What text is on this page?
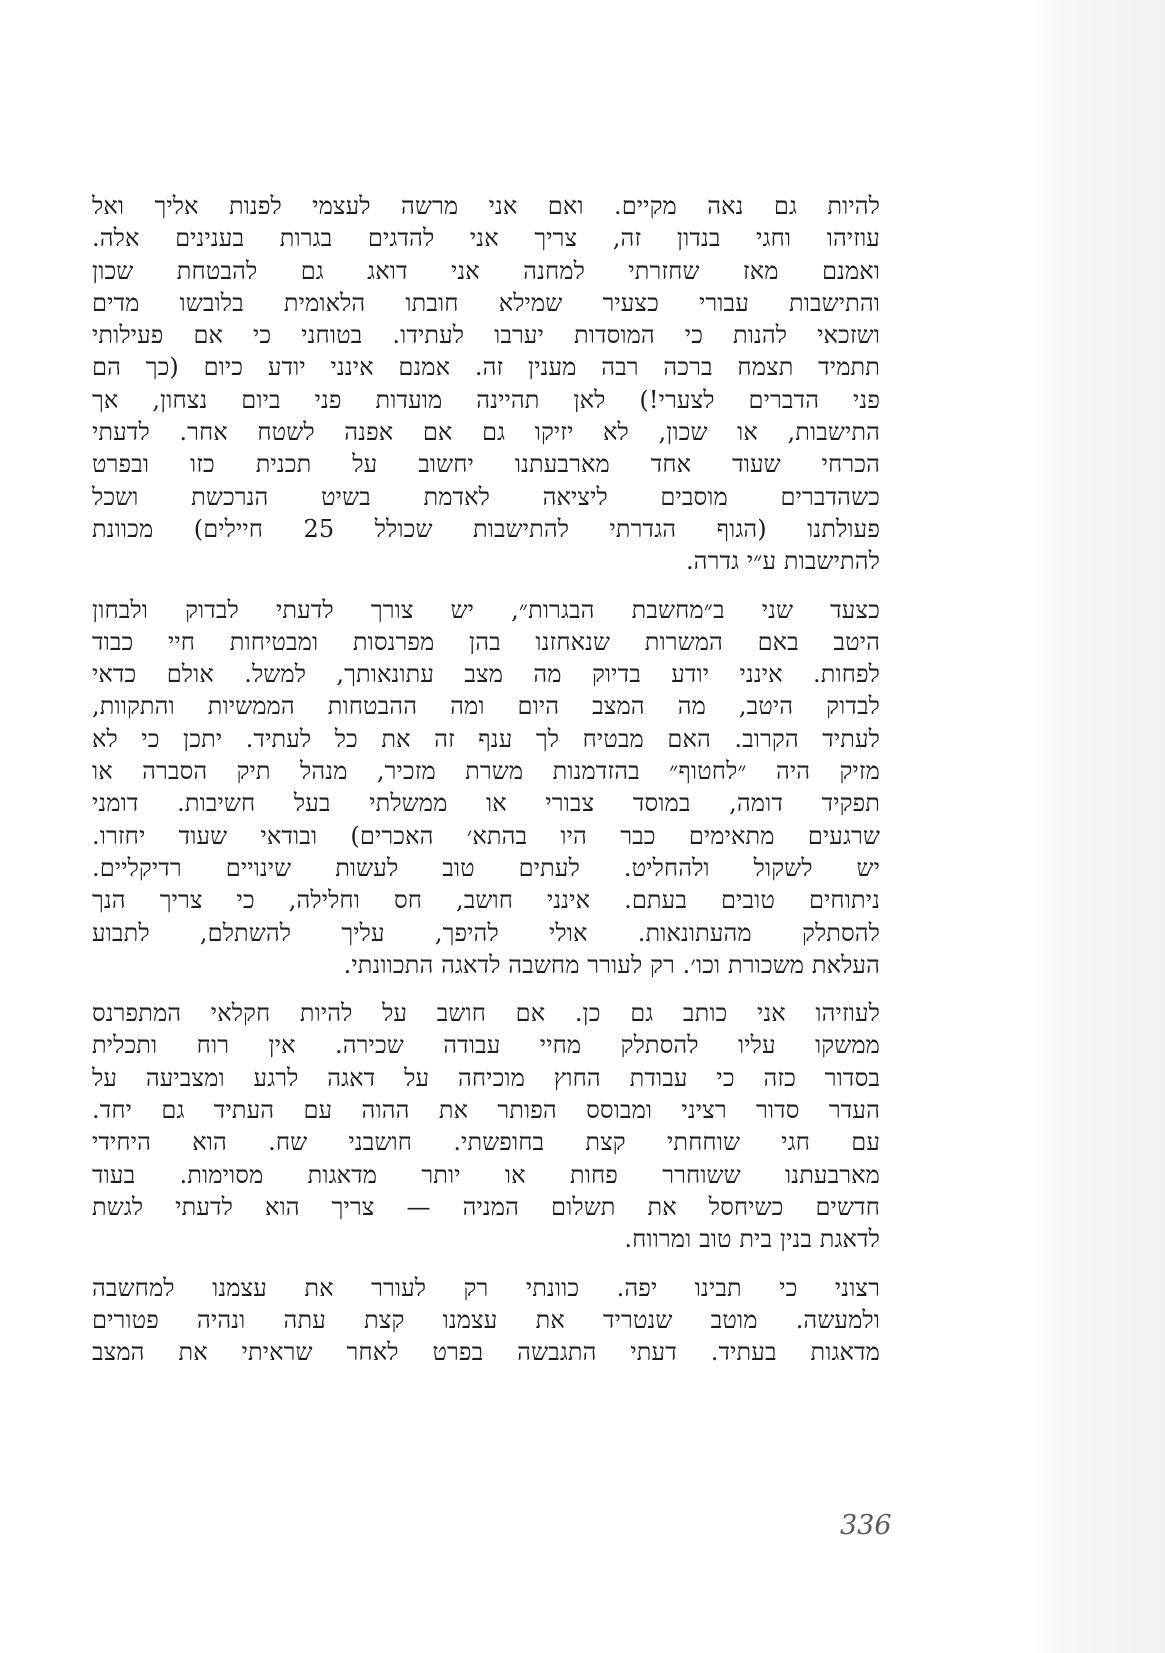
להיות גם נאה מקיים. ואם אני מרשה לעצמי לפנות אליך ואל
עוזיהו וחגי בנדון זה, צריך אני להדגים בגרות בענינים אלה.
ואמנם מאז שחזרתי למחנה אני דואג גם להבטחת שכון
והתישבות עבורי כצעיר שמילא חובתו הלאומית בלובשו מדים
ושזכאי להנות כי המוסדות יערבו לעתידו. בטוחני כי אם פעילותי
תתמיד תצמח ברכה רבה מענין זה. אמנם אינני יודע כיום (כך הם
פני הדברים לצערי!) לאן תהיינה מועדות פני ביום נצחון, אך
התישבות, או שכון, לא יזיקו גם אם אפנה לשטח אחר. לדעתי
הכרחי שעוד אחד מארבעתנו יחשוב על תכנית כזו ובפרט
כשהדברים מוסבים ליציאה לאדמת בשיט הנרכשת ושכל
פעולתנו (הגוף הגדרתי להתישבות שכולל 25 חיילים) מכוונת
להתישבות ע״י גדרה.
כצעד שני ב״מחשבת הבגרות״, יש צורך לדעתי לבדוק ולבחון
היטב באם המשרות שנאחזנו בהן מפרנסות ומבטיחות חיי כבוד
לפחות. אינני יודע בדיוק מה מצב עתונאותך, למשל. אולם כדאי
לבדוק היטב, מה המצב היום ומה ההבטחות הממשיות והתקוות,
לעתיד הקרוב. האם מבטיח לך ענף זה את כל לעתיד. יתכן כי לא
מזיק היה ״לחטוף״ בהזדמנות משרת מזכיר, מנהל תיק הסברה או
תפקיד דומה, במוסד צבורי או ממשלתי בעל חשיבות. דומני
שרגעים מתאימים כבר היו בהתא׳ האכרים) ובודאי שעוד יחזרו.
יש לשקול ולהחליט. לעתים טוב לעשות שינויים רדיקליים.
ניתוחים טובים בעתם. אינני חושב, חס וחלילה, כי צריך הנך
להסתלק מהעתונאות. אולי להיפך, עליך להשתלם, לתבוע
העלאת משכורת וכו׳. רק לעורר מחשבה לדאגה התכוונתי.
לעוזיהו אני כותב גם כן. אם חושב על להיות חקלאי המתפרנס
ממשקו עליו להסתלק מחיי עבודה שכירה. אין רוח ותכלית
בסדור כזה כי עבודת החוץ מוכיחה על דאגה לרגע ומצביעה על
העדר סדור רציני ומבוסס הפותר את ההוה עם העתיד גם יחד.
עם חגי שוחחתי קצת בחופשתי. חושבני שח. הוא היחידי
מארבעתנו ששוחרר פחות או יותר מדאגות מסוימות. בעוד
חדשים כשיחסל את תשלום המניה — צריך הוא לדעתי לגשת
לדאגת בנין בית טוב ומרווח.
רצוני כי תבינו יפה. כוונתי רק לעורר את עצמנו למחשבה
ולמעשה. מוטב שנטריד את עצמנו קצת עתה ונהיה פטורים
מדאגות בעתיד. דעתי התגבשה בפרט לאחר שראיתי את המצב
336
